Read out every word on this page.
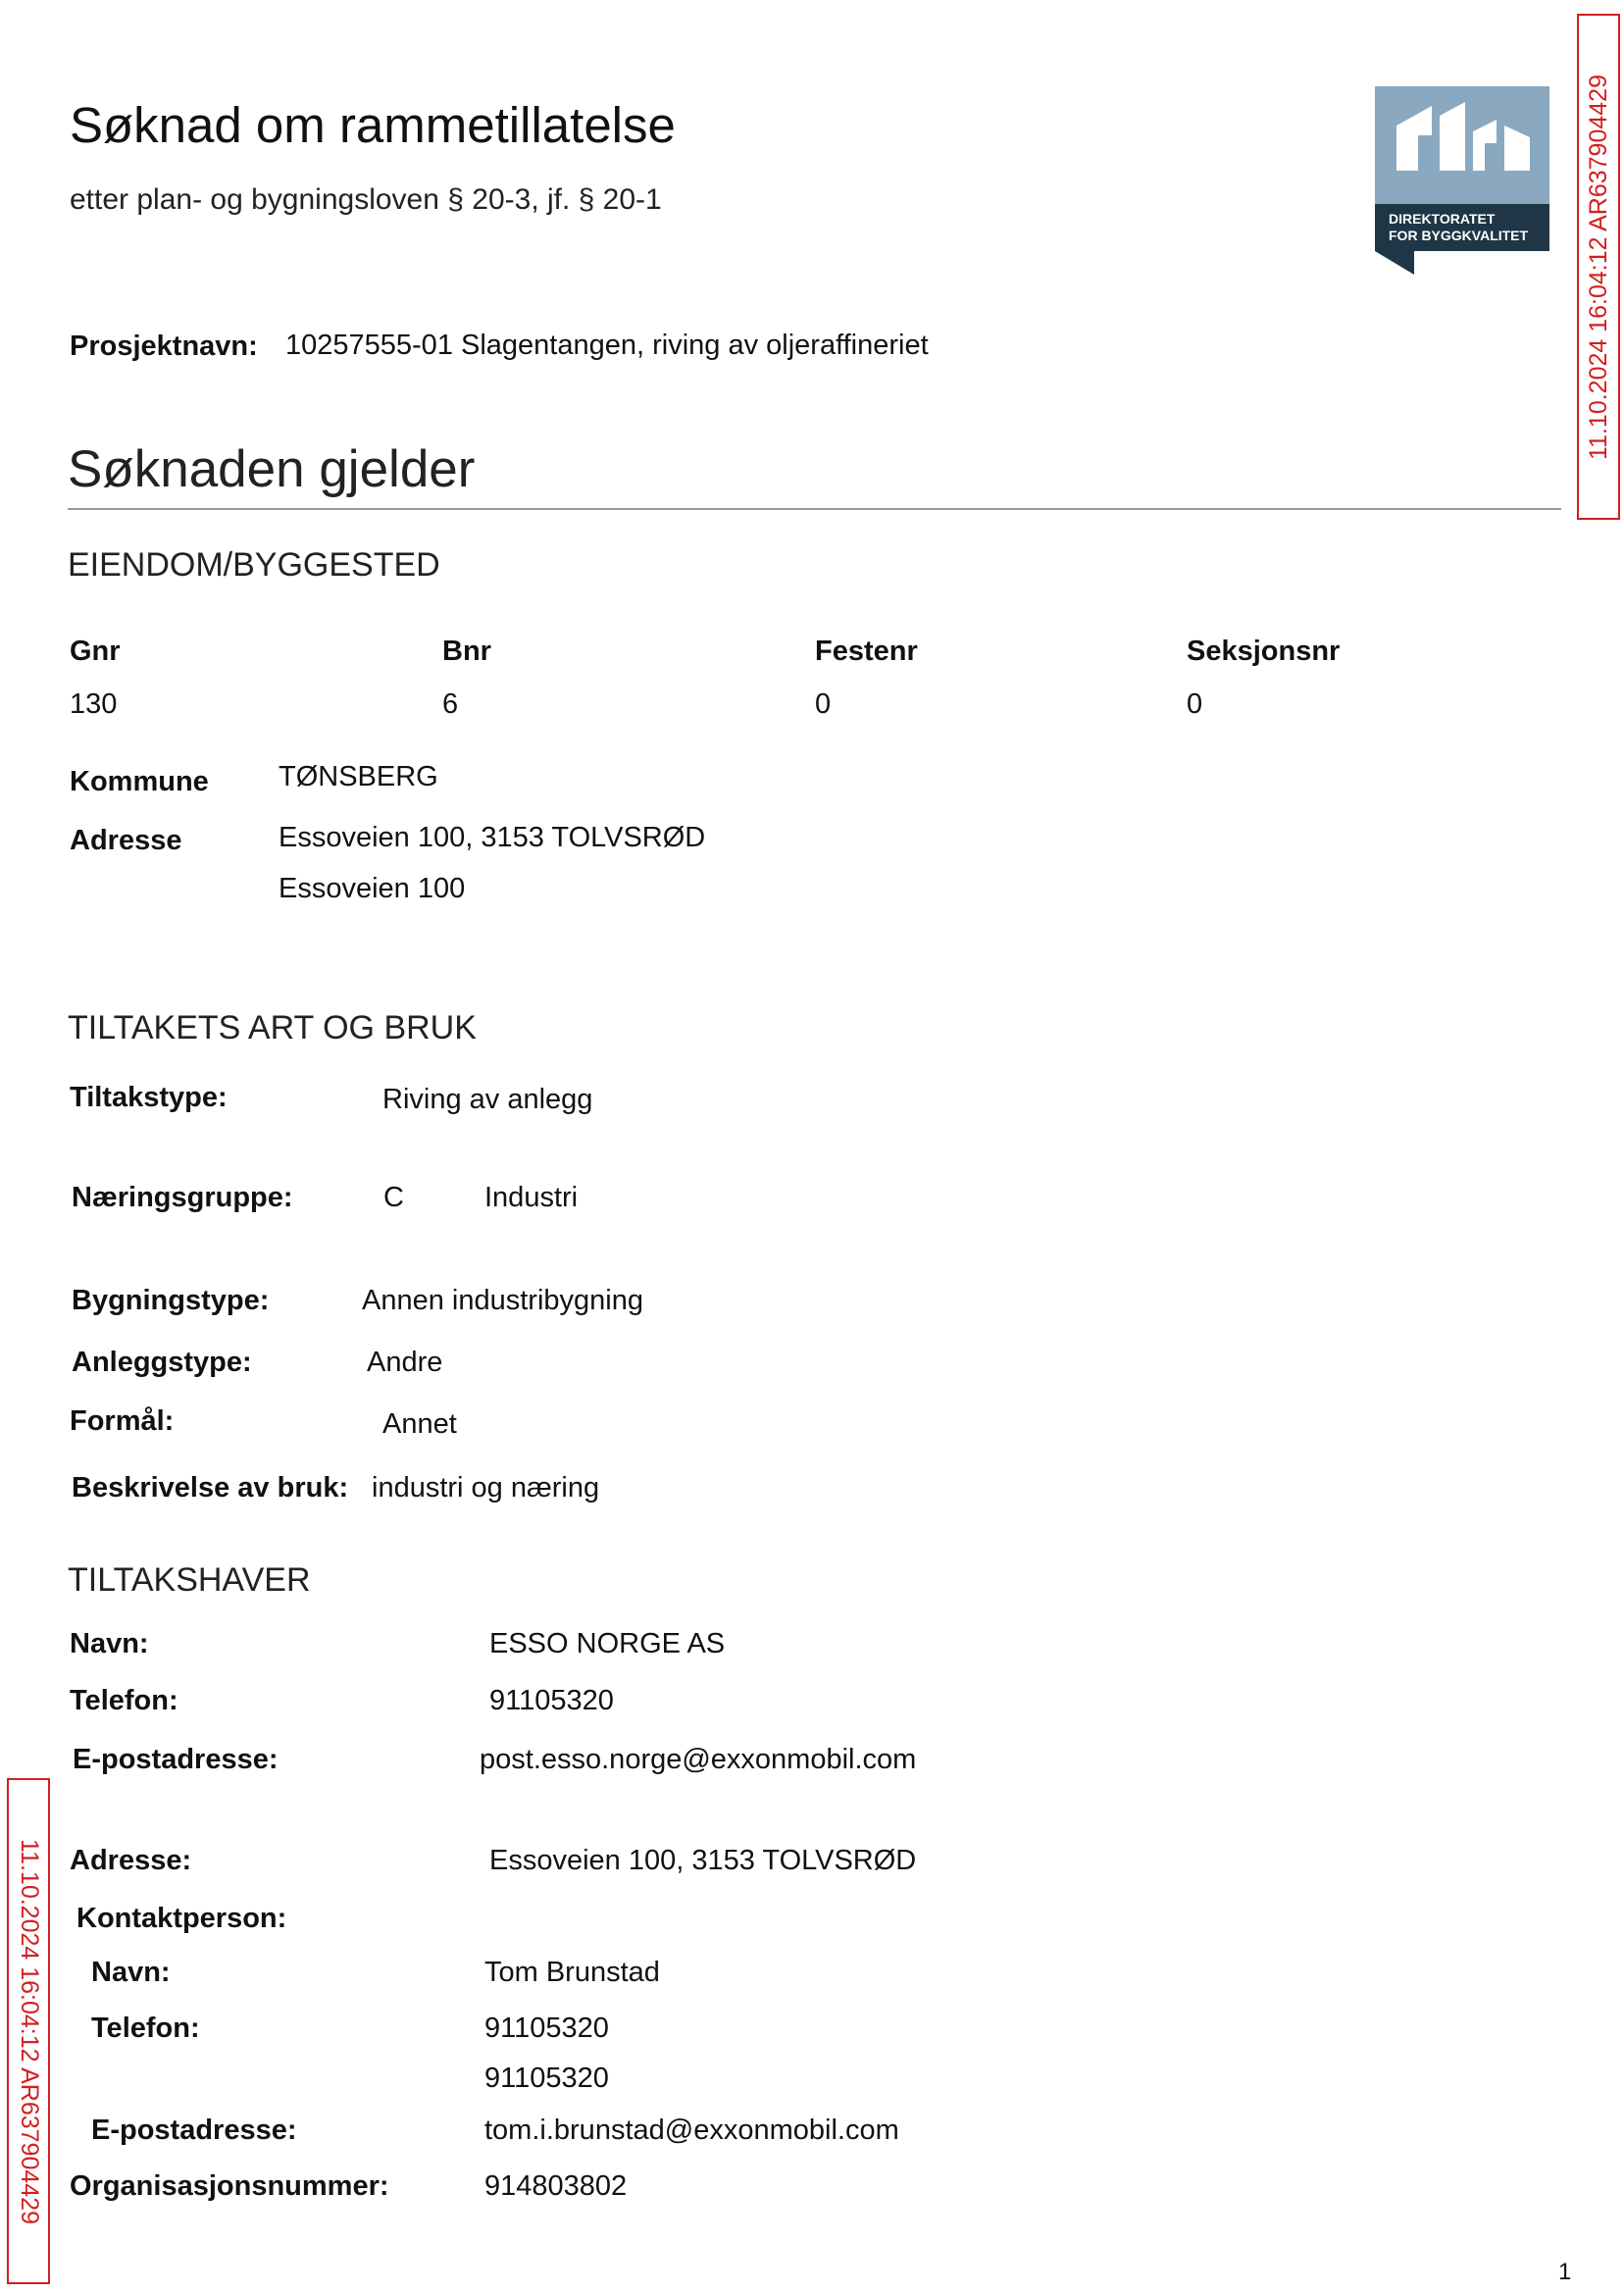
Søknad om rammetillatelse
etter plan- og bygningsloven § 20-3, jf. § 20-1
DIREKTORATET
FOR BYGGKVALITET 11.10.2024 16:04:12 AR637904429
11.10.2024 16:04:12 AR637904429
Prosjektnavn: 10257555-01 Slagentangen, riving av oljeraffineriet
Søknaden gjelder
EIENDOM/BYGGESTED
Gnr	Bnr	Festenr	Seksjonsnr
130	6	0	0
Kommune TØNSBERG
Adresse	Essoveien 100, 3153 TOLVSRØD
Essoveien 100
TILTAKETS ART OG BRUK
Tiltakstype:	Riving av anlegg
Næringsgruppe:	C	Industri
Bygningstype:	Annen industribygning
Anleggstype:	Andre
Formål:	Annet
Beskrivelse av bruk: industri og næring
TILTAKSHAVER
Navn:	ESSO NORGE AS
Telefon:	91105320
E-postadresse:	post.esso.norge@exxonmobil.com
Adresse:	Essoveien 100, 3153 TOLVSRØD
Kontaktperson:
Navn:	Tom Brunstad
Telefon:	91105320
91105320
E-postadresse:	tom.i.brunstad@exxonmobil.com
Organisasjonsnummer:	914803802
1
